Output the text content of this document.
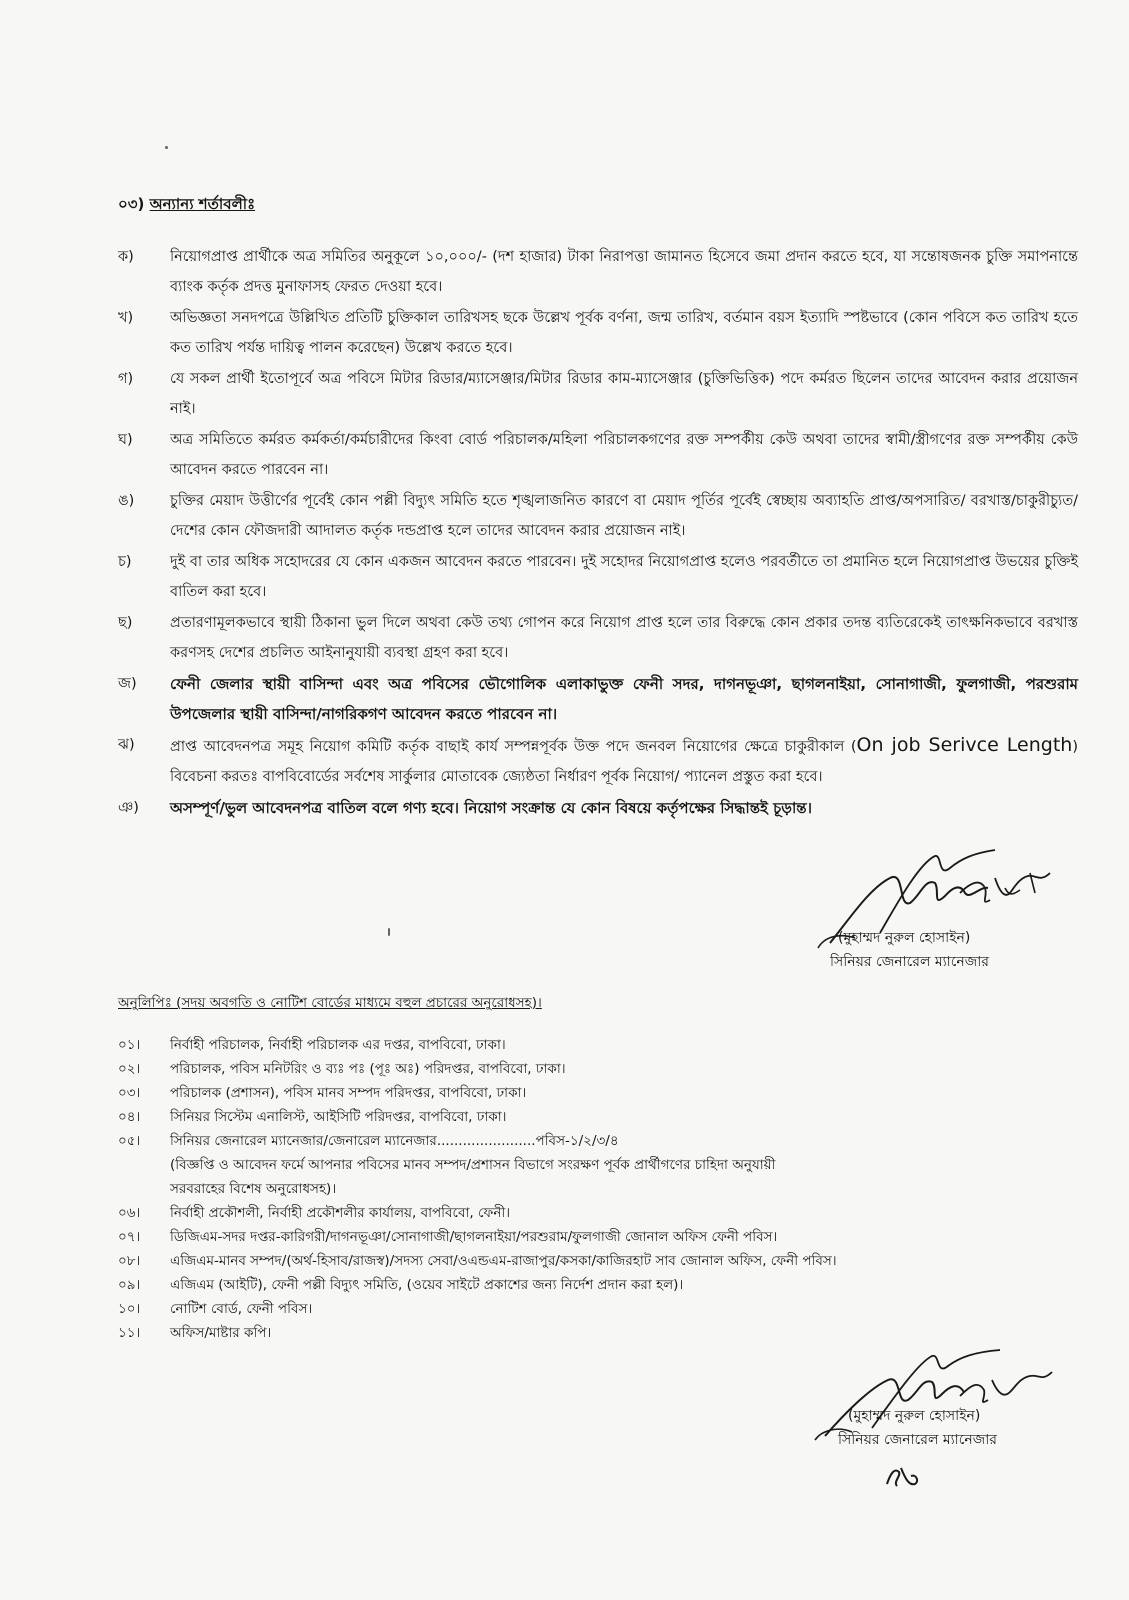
০৩) অন্যান্য শর্তাবলীঃ
ক)	নিয়োগপ্রাপ্ত প্রার্থীকে অত্র সমিতির অনুকূলে ১০,০০০/- (দশ হাজার) টাকা নিরাপত্তা জামানত হিসেবে জমা প্রদান করতে হবে, যা সন্তোষজনক চুক্তি সমাপনান্তে ব্যাংক কর্তৃক প্রদত্ত মুনাফাসহ ফেরত দেওয়া হবে।
খ)	অভিজ্ঞতা সনদপত্রে উল্লিখিত প্রতিটি চুক্তিকাল তারিখসহ ছকে উল্লেখ পূর্বক বর্ণনা, জন্ম তারিখ, বর্তমান বয়স ইত্যাদি স্পষ্টভাবে (কোন পবিসে কত তারিখ হতে কত তারিখ পর্যন্ত দায়িত্ব পালন করেছেন) উল্লেখ করতে হবে।
গ)	যে সকল প্রার্থী ইতোপূর্বে অত্র পবিসে মিটার রিডার/ম্যাসেঞ্জার/মিটার রিডার কাম-ম্যাসেঞ্জার (চুক্তিভিত্তিক) পদে কর্মরত ছিলেন তাদের আবেদন করার প্রয়োজন নাই।
ঘ)	অত্র সমিতিতে কর্মরত কর্মকর্তা/কর্মচারীদের কিংবা বোর্ড পরিচালক/মহিলা পরিচালকগণের রক্ত সম্পর্কীয় কেউ অথবা তাদের স্বামী/স্ত্রীগণের রক্ত সম্পর্কীয় কেউ আবেদন করতে পারবেন না।
ঙ)	চুক্তির মেয়াদ উত্তীর্ণের পূর্বেই কোন পল্লী বিদ্যুৎ সমিতি হতে শৃঙ্খলাজনিত কারণে বা মেয়াদ পূর্তির পূর্বেই স্বেচ্ছায় অব্যাহতি প্রাপ্ত/অপসারিত/ বরখাস্ত/চাকুরীচ্যুত/দেশের কোন ফৌজদারী আদালত কর্তৃক দন্ডপ্রাপ্ত হলে তাদের আবেদন করার প্রয়োজন নাই।
চ)	দুই বা তার অধিক সহোদরের যে কোন একজন আবেদন করতে পারবেন। দুই সহোদর নিয়োগপ্রাপ্ত হলেও পরবর্তীতে তা প্রমানিত হলে নিয়োগপ্রাপ্ত উভয়ের চুক্তিই বাতিল করা হবে।
ছ)	প্রতারণামূলকভাবে স্থায়ী ঠিকানা ভুল দিলে অথবা কেউ তথ্য গোপন করে নিয়োগ প্রাপ্ত হলে তার বিরুদ্ধে কোন প্রকার তদন্ত ব্যতিরেকেই তাৎক্ষনিকভাবে বরখাস্ত করণসহ দেশের প্রচলিত আইনানুযায়ী ব্যবস্থা গ্রহণ করা হবে।
জ)	ফেনী জেলার স্থায়ী বাসিন্দা এবং অত্র পবিসের ভৌগোলিক এলাকাভুক্ত ফেনী সদর, দাগনভূঞা, ছাগলনাইয়া, সোনাগাজী, ফুলগাজী, পরশুরাম উপজেলার স্থায়ী বাসিন্দা/নাগরিকগণ আবেদন করতে পারবেন না।
ঝ)	প্রাপ্ত আবেদনপত্র সমূহ নিয়োগ কমিটি কর্তৃক বাছাই কার্য সম্পন্নপূর্বক উক্ত পদে জনবল নিয়োগের ক্ষেত্রে চাকুরীকাল (On job Serivce Length) বিবেচনা করতঃ বাপবিবোর্ডের সর্বশেষ সার্কুলার মোতাবেক জ্যেষ্ঠতা নির্ধারণ পূর্বক নিয়োগ/ প্যানেল প্রস্তুত করা হবে।
ঞ)	অসম্পূর্ণ/ভুল আবেদনপত্র বাতিল বলে গণ্য হবে। নিয়োগ সংক্রান্ত যে কোন বিষয়ে কর্তৃপক্ষের সিদ্ধান্তই চূড়ান্ত।
(মুহাম্মদ নুরুল হোসাইন)
সিনিয়র জেনারেল ম্যানেজার
অনুলিপিঃ (সদয় অবগতি ও নোটিশ বোর্ডের মাধ্যমে বহুল প্রচারের অনুরোধসহ)।
০১।	নির্বাহী পরিচালক, নির্বাহী পরিচালক এর দপ্তর, বাপবিবো, ঢাকা।
০২।	পরিচালক, পবিস মনিটরিং ও ব্যঃ পঃ (পূঃ অঃ) পরিদপ্তর, বাপবিবো, ঢাকা।
০৩।	পরিচালক (প্রশাসন), পবিস মানব সম্পদ পরিদপ্তর, বাপবিবো, ঢাকা।
০৪।	সিনিয়র সিস্টেম এনালিস্ট, আইসিটি পরিদপ্তর, বাপবিবো, ঢাকা।
০৫।	সিনিয়র জেনারেল ম্যানেজার/জেনারেল ম্যানেজার.......................পবিস-১/২/৩/৪
(বিজ্ঞপ্তি ও আবেদন ফর্মে আপনার পবিসের মানব সম্পদ/প্রশাসন বিভাগে সংরক্ষণ পূর্বক প্রার্থীগণের চাহিদা অনুযায়ী
সরবরাহের বিশেষ অনুরোধসহ)।
০৬।	নির্বাহী প্রকৌশলী, নির্বাহী প্রকৌশলীর কার্যালয়, বাপবিবো, ফেনী।
০৭।	ডিজিএম-সদর দপ্তর-কারিগরী/দাগনভূঞা/সোনাগাজী/ছাগলনাইয়া/পরশুরাম/ফুলগাজী জোনাল অফিস ফেনী পবিস।
০৮।	এজিএম-মানব সম্পদ/(অর্থ-হিসাব/রাজস্ব)/সদস্য সেবা/ওএন্ডএম-রাজাপুর/কসকা/কাজিরহাট সাব জোনাল অফিস, ফেনী পবিস।
০৯।	এজিএম (আইটি), ফেনী পল্লী বিদ্যুৎ সমিতি, (ওয়েব সাইটে প্রকাশের জন্য নির্দেশ প্রদান করা হল)।
১০।	নোটিশ বোর্ড, ফেনী পবিস।
১১।	অফিস/মাষ্টার কপি।
(মুহাম্মদ নুরুল হোসাইন)
সিনিয়র জেনারেল ম্যানেজার
